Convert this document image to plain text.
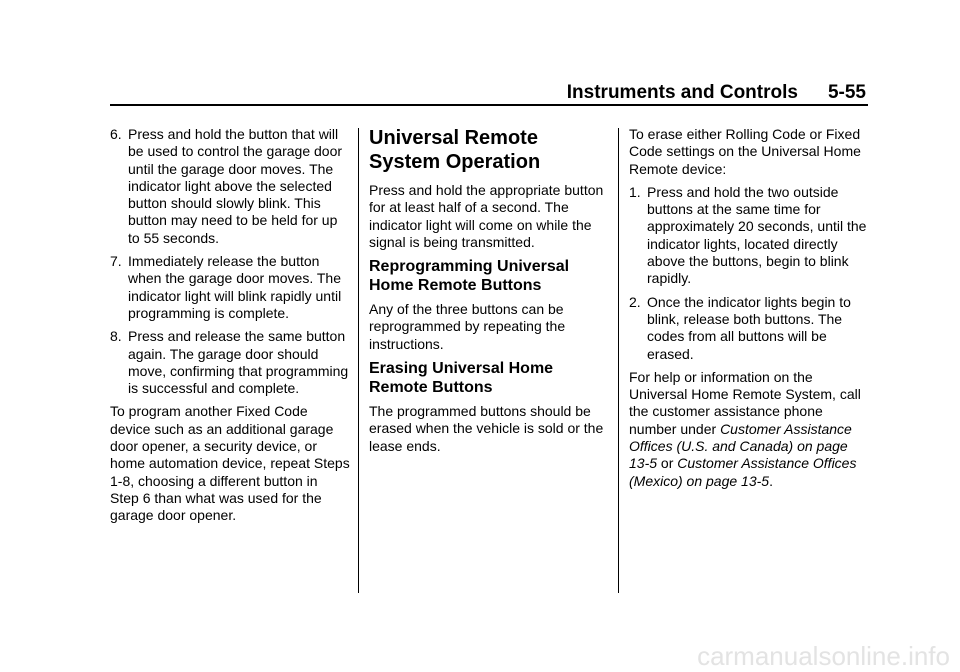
Instruments and Controls 5-55

6. Press and hold the button that will be used to control the garage door until the garage door moves. The indicator light above the selected button should slowly blink. This button may need to be held for up to 55 seconds.

7. Immediately release the button when the garage door moves. The indicator light will blink rapidly until programming is complete.

8. Press and release the same button again. The garage door should move, confirming that programming is successful and complete.

To program another Fixed Code device such as an additional garage door opener, a security device, or home automation device, repeat Steps 1-8, choosing a different button in Step 6 than what was used for the garage door opener.

Universal Remote System Operation

Press and hold the appropriate button for at least half of a second. The indicator light will come on while the signal is being transmitted.

Reprogramming Universal Home Remote Buttons

Any of the three buttons can be reprogrammed by repeating the instructions.

Erasing Universal Home Remote Buttons

The programmed buttons should be erased when the vehicle is sold or the lease ends.

To erase either Rolling Code or Fixed Code settings on the Universal Home Remote device:

1. Press and hold the two outside buttons at the same time for approximately 20 seconds, until the indicator lights, located directly above the buttons, begin to blink rapidly.

2. Once the indicator lights begin to blink, release both buttons. The codes from all buttons will be erased.

For help or information on the Universal Home Remote System, call the customer assistance phone number under Customer Assistance Offices (U.S. and Canada) on page 13-5 or Customer Assistance Offices (Mexico) on page 13-5.

carmanualsonline.info
